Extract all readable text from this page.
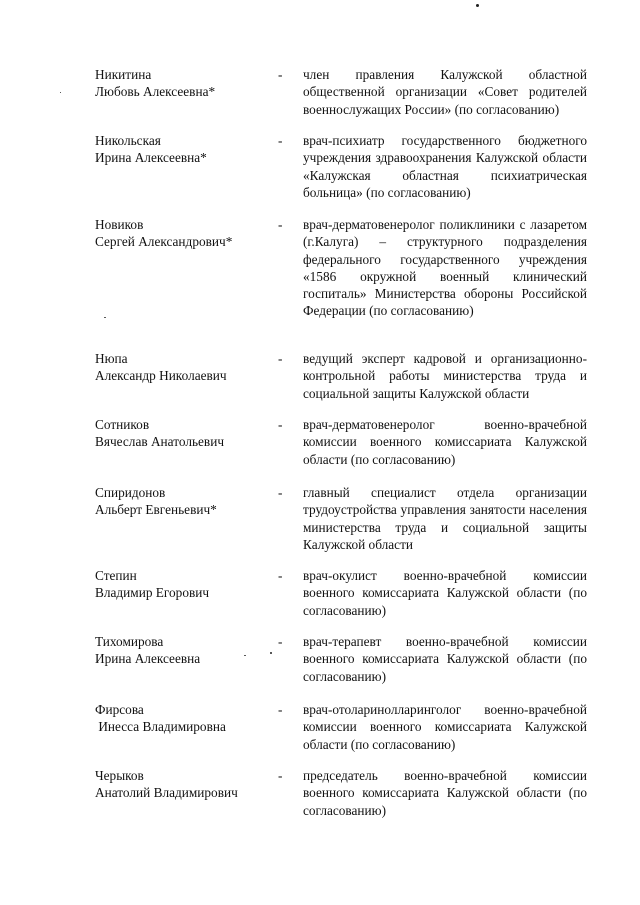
Никитина
Любовь Алексеевна*
-	член правления Калужской областной общественной организации «Совет родителей военнослужащих России» (по согласованию)
Никольская
Ирина Алексеевна*
-	врач-психиатр государственного бюджетного учреждения здравоохранения Калужской области «Калужская областная психиатрическая больница» (по согласованию)
Новиков
Сергей Александрович*
-	врач-дерматовенеролог поликлиники с лазаретом (г.Калуга) – структурного подразделения федерального государственного учреждения «1586 окружной военный клинический госпиталь» Министерства обороны Российской Федерации (по согласованию)
Нюпа
Александр Николаевич
-	ведущий эксперт кадровой и организационно-контрольной работы министерства труда и социальной защиты Калужской области
Сотников
Вячеслав Анатольевич
-	врач-дерматовенеролог военно-врачебной комиссии военного комиссариата Калужской области (по согласованию)
Спиридонов
Альберт Евгеньевич*
-	главный специалист отдела организации трудоустройства управления занятости населения министерства труда и социальной защиты Калужской области
Степин
Владимир Егорович
-	врач-окулист военно-врачебной комиссии военного комиссариата Калужской области (по согласованию)
Тихомирова
Ирина Алексеевна
-	врач-терапевт военно-врачебной комиссии военного комиссариата Калужской области (по согласованию)
Фирсова
Инесса Владимировна
-	врач-отоларинолларинголог военно-врачебной комиссии военного комиссариата Калужской области (по согласованию)
Черыков
Анатолий Владимирович
-	председатель военно-врачебной комиссии военного комиссариата Калужской области (по согласованию)
